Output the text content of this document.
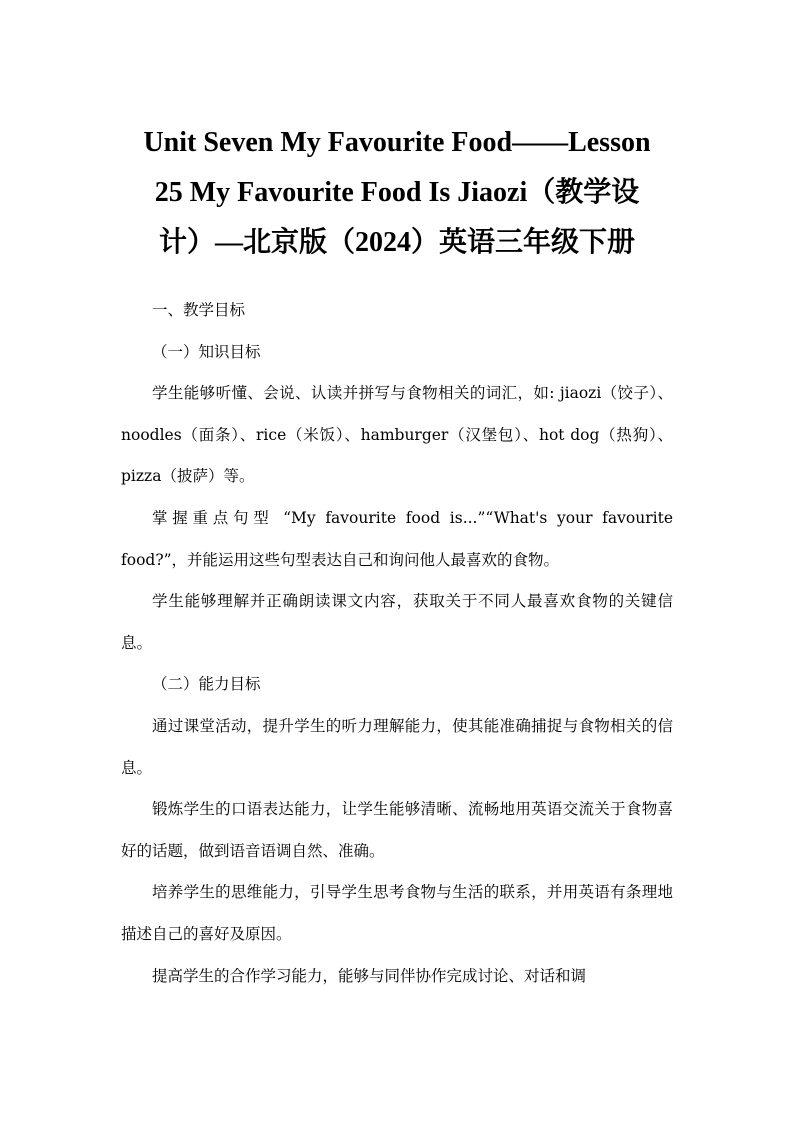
Unit Seven My Favourite Food——Lesson
25 My Favourite Food Is Jiaozi（教学设
计）—北京版（2024）英语三年级下册

一、教学目标

（一）知识目标

学生能够听懂、会说、认读并拼写与食物相关的词汇，如: jiaozi（饺子）、noodles（面条）、rice（米饭）、hamburger（汉堡包）、hot dog（热狗）、pizza（披萨）等。

掌握重点句型 “My favourite food is...”“What's your favourite food?”，并能运用这些句型表达自己和询问他人最喜欢的食物。

学生能够理解并正确朗读课文内容，获取关于不同人最喜欢食物的关键信息。

（二）能力目标

通过课堂活动，提升学生的听力理解能力，使其能准确捕捉与食物相关的信息。

锻炼学生的口语表达能力，让学生能够清晰、流畅地用英语交流关于食物喜好的话题，做到语音语调自然、准确。

培养学生的思维能力，引导学生思考食物与生活的联系，并用英语有条理地描述自己的喜好及原因。

提高学生的合作学习能力，能够与同伴协作完成讨论、对话和调
